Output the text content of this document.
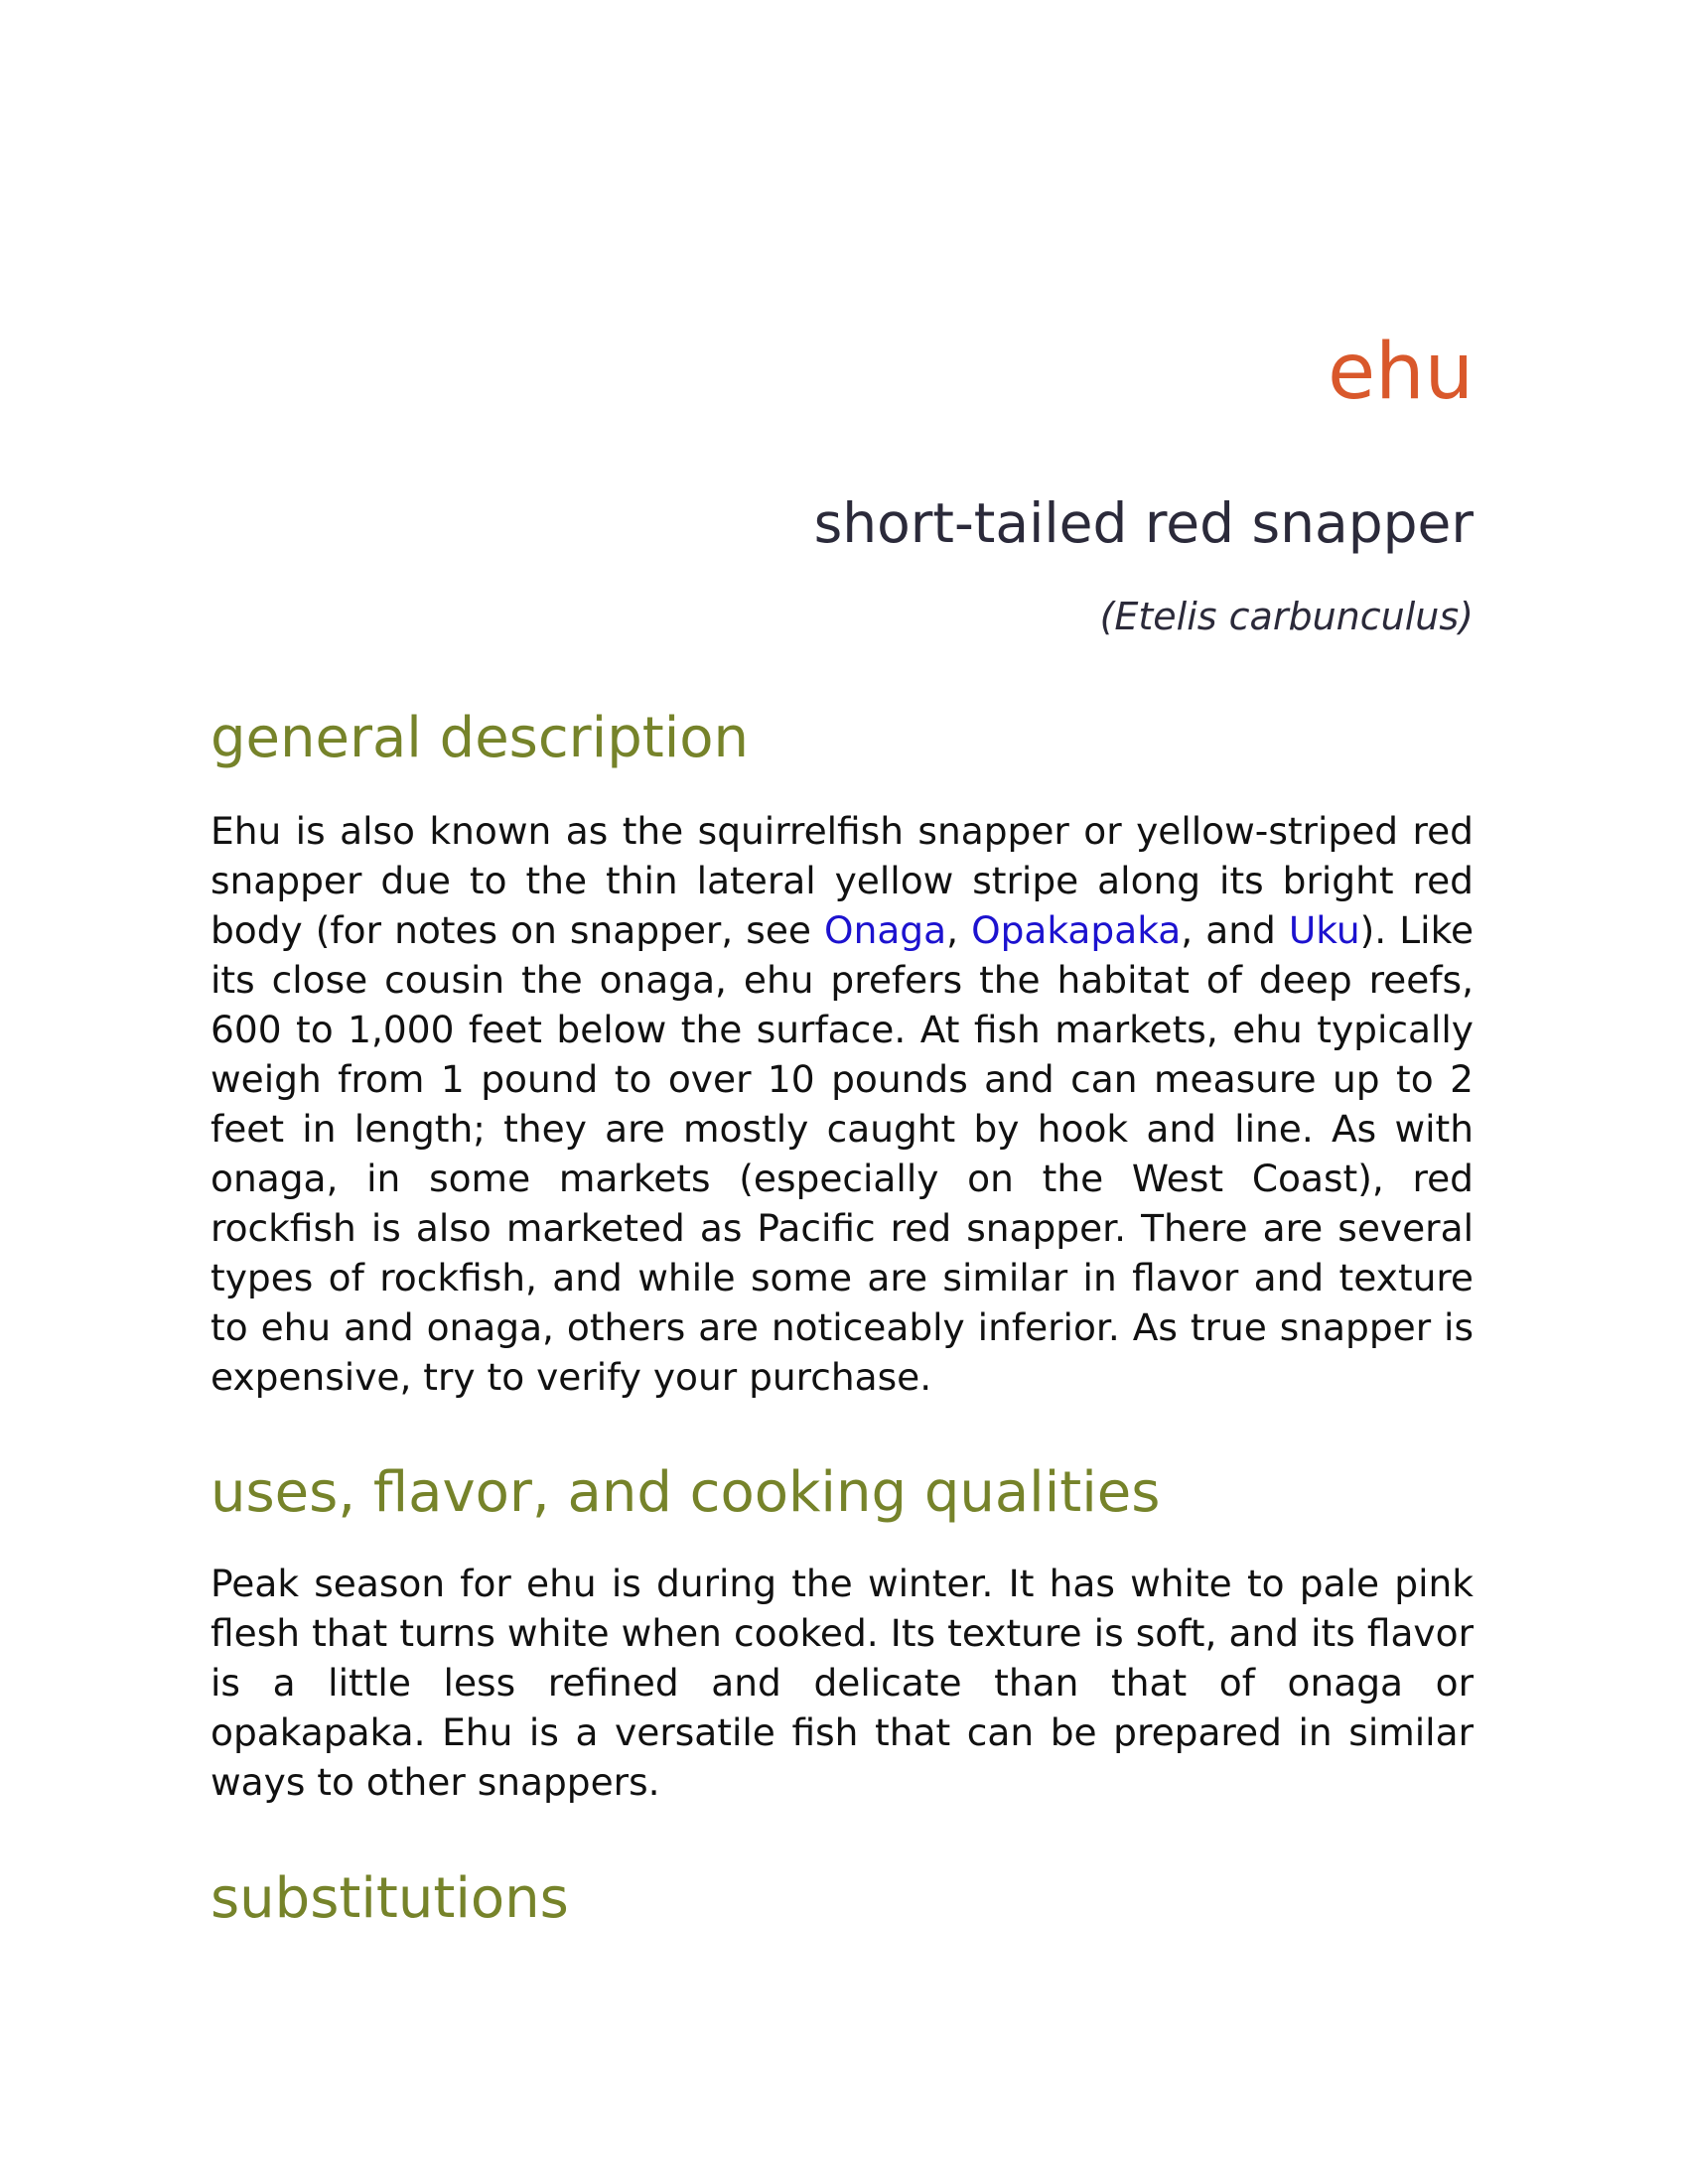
ehu
short-tailed red snapper
(Etelis carbunculus)
general description

Ehu is also known as the squirrelfish snapper or yellow-striped red snapper due to the thin lateral yellow stripe along its bright red body (for notes on snapper, see Onaga, Opakapaka, and Uku). Like its close cousin the onaga, ehu prefers the habitat of deep reefs, 600 to 1,000 feet below the surface. At fish markets, ehu typically weigh from 1 pound to over 10 pounds and can measure up to 2 feet in length; they are mostly caught by hook and line. As with onaga, in some markets (especially on the West Coast), red rockfish is also marketed as Pacific red snapper. There are several types of rockfish, and while some are similar in flavor and texture to ehu and onaga, others are noticeably inferior. As true snapper is expensive, try to verify your purchase.

uses, flavor, and cooking qualities

Peak season for ehu is during the winter. It has white to pale pink flesh that turns white when cooked. Its texture is soft, and its flavor is a little less refined and delicate than that of onaga or opakapaka. Ehu is a versatile fish that can be prepared in similar ways to other snappers.

substitutions
